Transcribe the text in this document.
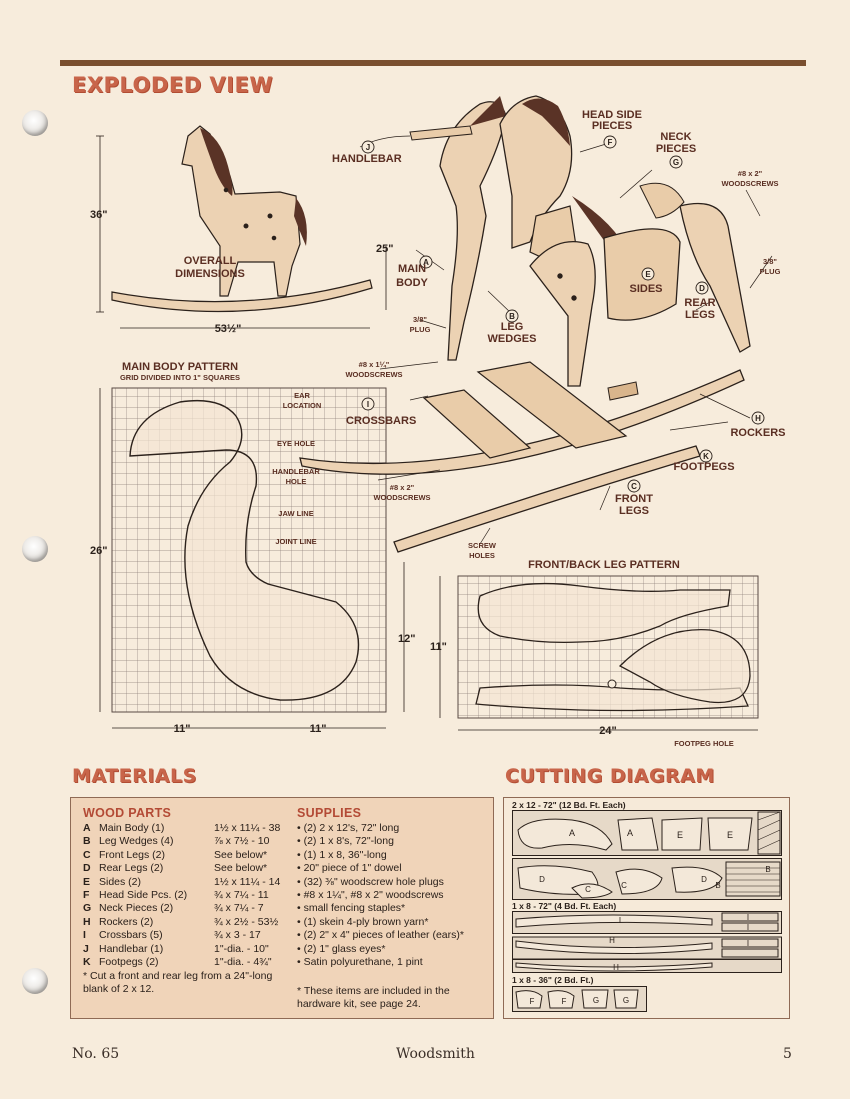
EXPLODED VIEW
J
A
B
I
F
G
E
D
H
K
C
HANDLEBAR
MAIN
BODY
LEG
WEDGES
CROSSBARS
HEAD SIDE
PIECES
NECK
PIECES
SIDES
REAR
LEGS
ROCKERS
FOOTPEGS
FRONT
LEGS
OVERALL
DIMENSIONS
MAIN BODY PATTERN
FRONT/BACK LEG PATTERN
3/8"
PLUG
#8 x 1¼"
WOODSCREWS
#8 x 2"
WOODSCREWS
#8 x 2"
WOODSCREWS
3/8"
PLUG
GRID DIVIDED INTO 1" SQUARES
EAR
LOCATION
EYE HOLE
HANDLEBAR
HOLE
JAW LINE
JOINT LINE	SCREW
HOLES
FOOTPEG HOLE
36"
25"
53½"
26"
11"	11"
12"
11"
24"
MATERIALS	CUTTING DIAGRAM
WOOD PARTS
A Main Body (1)	1½ x 11¼ - 38
B Leg Wedges (4)	⅞ x 7½ - 10
C Front Legs (2)	See below*
D Rear Legs (2)	See below*
E Sides (2)	1½ x 11¼ - 14
F Head Side Pcs. (2)	¾ x 7¼ - 11
G Neck Pieces (2)	¾ x 7¼ - 7
H Rockers (2)	¾ x 2½ - 53½
I Crossbars (5)	¾ x 3 - 17
J Handlebar (1)	1"-dia. - 10"
K Footpegs (2)	1"-dia. - 4¾"
* Cut a front and rear leg from a 24"-long blank of 2 x 12.
SUPPLIES
• (2) 2 x 12's, 72" long
• (2) 1 x 8's, 72"-long
• (1) 1 x 8, 36"-long
• 20" piece of 1" dowel
• (32) ⅜" woodscrew hole plugs
• #8 x 1¼", #8 x 2" woodscrews
• small fencing staples*
• (1) skein 4-ply brown yarn*
• (2) 2" x 4" pieces of leather (ears)*
• (2) 1" glass eyes*
• Satin polyurethane, 1 pint
* These items are included in the hardware kit, see page 24.
2 x 12 - 72" (12 Bd. Ft. Each)
A	A	E	E
D
C	C
D
B
B
1 x 8 - 72" (4 Bd. Ft. Each)
I
H
I
I
I
H
1 x 8 - 36" (2 Bd. Ft.)
F	F	G	G
No. 65	Woodsmith	5
